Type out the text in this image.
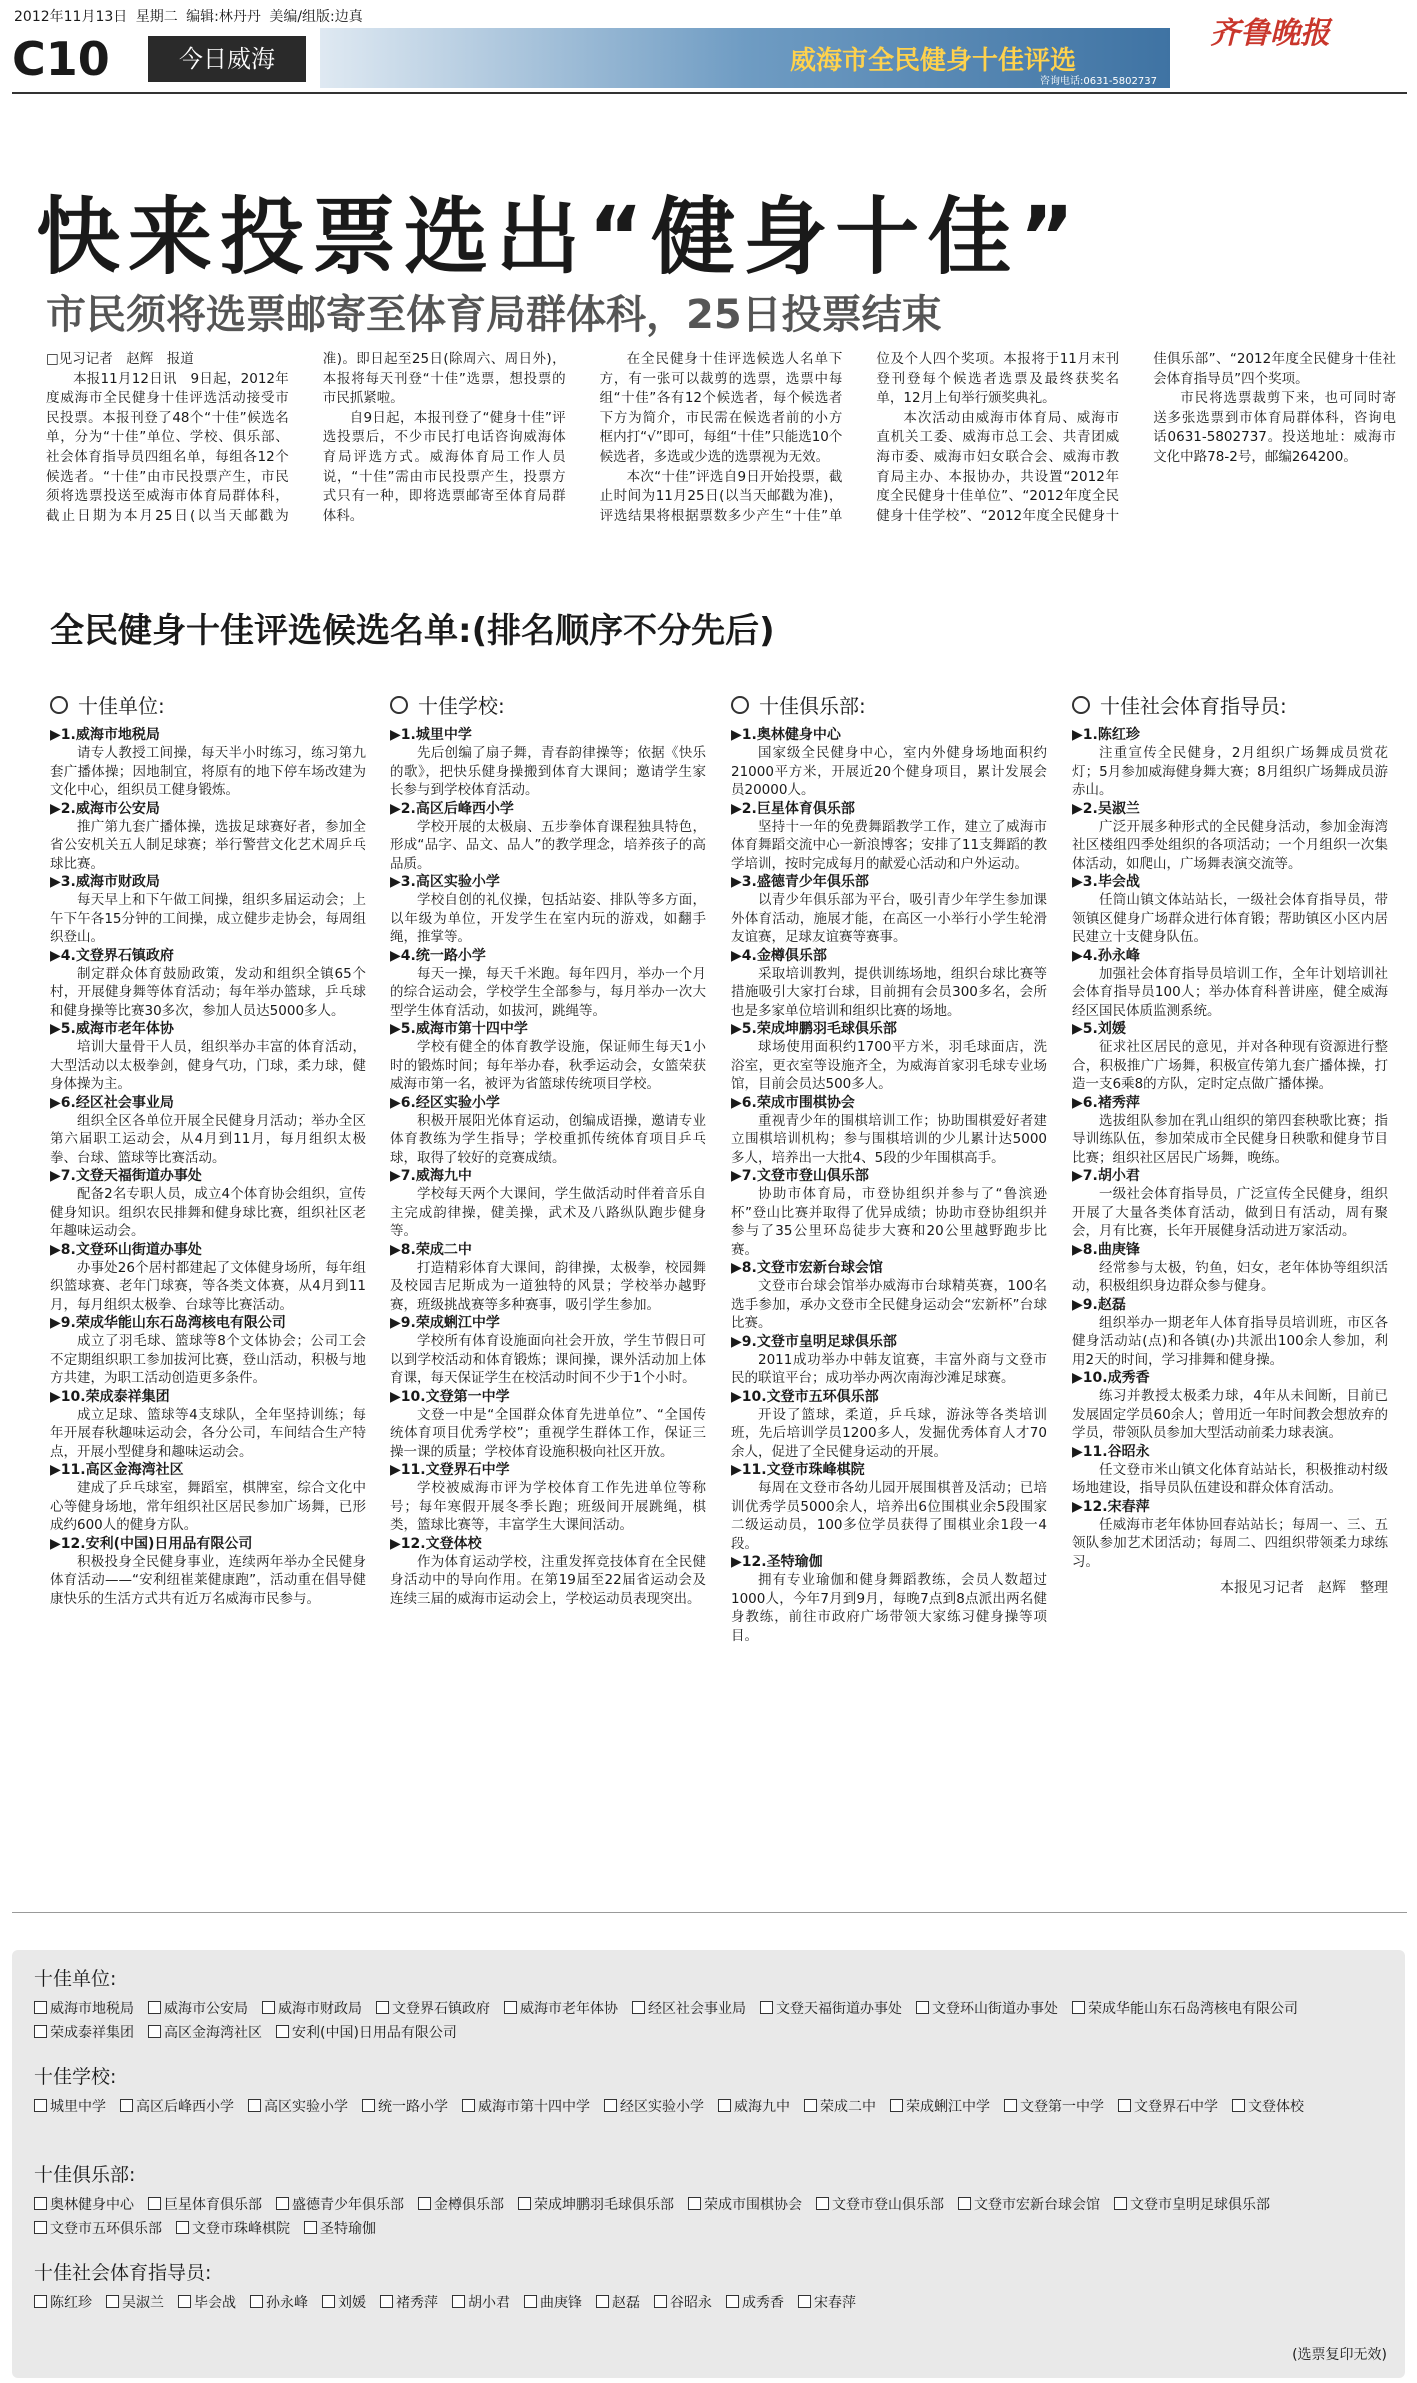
2012年11月13日 星期二 编辑:林丹丹 美编/组版:边真
C10	今日威海	威海市全民健身十佳评选
咨询电话:0631-5802737
齐鲁晚报
快来投票选出“健身十佳”
市民须将选票邮寄至体育局群体科，25日投票结束

□见习记者　赵辉　报道

本报11月12日讯　9日起，2012年度威海市全民健身十佳评选活动接受市民投票。本报刊登了48个“十佳”候选名单，分为“十佳”单位、学校、俱乐部、社会体育指导员四组名单，每组各12个候选者。“十佳”由市民投票产生，市民须将选票投送至威海市体育局群体科，截止日期为本月25日(以当天邮戳为准)。即日起至25日(除周六、周日外)，本报将每天刊登“十佳”选票，想投票的市民抓紧啦。

自9日起，本报刊登了“健身十佳”评选投票后，不少市民打电话咨询威海体育局评选方式。威海体育局工作人员说，“十佳”需由市民投票产生，投票方式只有一种，即将选票邮寄至体育局群体科。

在全民健身十佳评选候选人名单下方，有一张可以裁剪的选票，选票中每组“十佳”各有12个候选者，每个候选者下方为简介，市民需在候选者前的小方框内打“√”即可，每组“十佳”只能选10个候选者，多选或少选的选票视为无效。

本次“十佳”评选自9日开始投票，截止时间为11月25日(以当天邮戳为准)，评选结果将根据票数多少产生“十佳”单位及个人四个奖项。本报将于11月末刊登刊登每个候选者选票及最终获奖名单，12月上旬举行颁奖典礼。

本次活动由威海市体育局、威海市直机关工委、威海市总工会、共青团威海市委、威海市妇女联合会、威海市教育局主办、本报协办，共设置“2012年度全民健身十佳单位”、“2012年度全民健身十佳学校”、“2012年度全民健身十佳俱乐部”、“2012年度全民健身十佳社会体育指导员”四个奖项。

市民将选票裁剪下来，也可同时寄送多张选票到市体育局群体科，咨询电话0631-5802737。投送地址：威海市文化中路78-2号，邮编264200。

全民健身十佳评选候选名单:(排名顺序不分先后)
十佳单位:
▶1.威海市地税局

请专人教授工间操，每天半小时练习，练习第九套广播体操；因地制宜，将原有的地下停车场改建为文化中心，组织员工健身锻炼。

▶2.威海市公安局

推广第九套广播体操，选拔足球赛好者，参加全省公安机关五人制足球赛；举行警营文化艺术周乒乓球比赛。

▶3.威海市财政局

每天早上和下午做工间操，组织多届运动会；上午下午各15分钟的工间操，成立健步走协会，每周组织登山。

▶4.文登界石镇政府

制定群众体育鼓励政策，发动和组织全镇65个村，开展健身舞等体育活动；每年举办篮球，乒乓球和健身操等比赛30多次，参加人员达5000多人。

▶5.威海市老年体协

培训大量骨干人员，组织举办丰富的体育活动，大型活动以太极拳剑，健身气功，门球，柔力球，健身体操为主。

▶6.经区社会事业局

组织全区各单位开展全民健身月活动；举办全区第六届职工运动会，从4月到11月，每月组织太极拳、台球、篮球等比赛活动。

▶7.文登天福街道办事处

配备2名专职人员，成立4个体育协会组织，宣传健身知识。组织农民排舞和健身球比赛，组织社区老年趣味运动会。

▶8.文登环山街道办事处

办事处26个居村都建起了文体健身场所，每年组织篮球赛、老年门球赛，等各类文体赛，从4月到11月，每月组织太极拳、台球等比赛活动。

▶9.荣成华能山东石岛湾核电有限公司

成立了羽毛球、篮球等8个文体协会；公司工会不定期组织职工参加拔河比赛，登山活动，积极与地方共建，为职工活动创造更多条件。

▶10.荣成泰祥集团

成立足球、篮球等4支球队，全年坚持训练；每年开展春秋趣味运动会，各分公司，车间结合生产特点，开展小型健身和趣味运动会。

▶11.高区金海湾社区

建成了乒乓球室，舞蹈室，棋牌室，综合文化中心等健身场地，常年组织社区居民参加广场舞，已形成约600人的健身方队。

▶12.安利(中国)日用品有限公司

积极投身全民健身事业，连续两年举办全民健身体育活动——“安利纽崔莱健康跑”，活动重在倡导健康快乐的生活方式共有近万名威海市民参与。

十佳学校:
▶1.城里中学

先后创编了扇子舞，青春韵律操等；依据《快乐的歌》，把快乐健身操搬到体育大课间；邀请学生家长参与到学校体育活动。

▶2.高区后峰西小学

学校开展的太极扇、五步拳体育课程独具特色，形成“品字、品文、品人”的教学理念，培养孩子的高品质。

▶3.高区实验小学

学校自创的礼仪操，包括站姿、排队等多方面，以年级为单位，开发学生在室内玩的游戏，如翻手绳，推掌等。

▶4.统一路小学

每天一操，每天千米跑。每年四月，举办一个月的综合运动会，学校学生全部参与，每月举办一次大型学生体育活动，如拔河，跳绳等。

▶5.威海市第十四中学

学校有健全的体育教学设施，保证师生每天1小时的锻炼时间；每年举办春，秋季运动会，女篮荣获威海市第一名，被评为省篮球传统项目学校。

▶6.经区实验小学

积极开展阳光体育运动，创编成语操，邀请专业体育教练为学生指导；学校重抓传统体育项目乒乓球，取得了较好的竞赛成绩。

▶7.威海九中

学校每天两个大课间，学生做活动时伴着音乐自主完成韵律操，健美操，武术及八路纵队跑步健身等。

▶8.荣成二中

打造精彩体育大课间，韵律操，太极拳，校园舞及校园吉尼斯成为一道独特的风景；学校举办越野赛，班级挑战赛等多种赛事，吸引学生参加。

▶9.荣成蜊江中学

学校所有体育设施面向社会开放，学生节假日可以到学校活动和体育锻炼；课间操，课外活动加上体育课，每天保证学生在校活动时间不少于1个小时。

▶10.文登第一中学

文登一中是“全国群众体育先进单位”、“全国传统体育项目优秀学校”；重视学生群体工作，保证三操一课的质量；学校体育设施积极向社区开放。

▶11.文登界石中学

学校被威海市评为学校体育工作先进单位等称号；每年寒假开展冬季长跑；班级间开展跳绳，棋类，篮球比赛等，丰富学生大课间活动。

▶12.文登体校

作为体育运动学校，注重发挥竞技体育在全民健身活动中的导向作用。在第19届至22届省运动会及连续三届的威海市运动会上，学校运动员表现突出。

十佳俱乐部:
▶1.奥林健身中心

国家级全民健身中心，室内外健身场地面积约21000平方米，开展近20个健身项目，累计发展会员20000人。

▶2.巨星体育俱乐部

坚持十一年的免费舞蹈教学工作，建立了威海市体育舞蹈交流中心一新浪博客；安排了11支舞蹈的教学培训，按时完成每月的献爱心活动和户外运动。

▶3.盛德青少年俱乐部

以青少年俱乐部为平台，吸引青少年学生参加课外体育活动，施展才能，在高区一小举行小学生轮滑友谊赛，足球友谊赛等赛事。

▶4.金樽俱乐部

采取培训教判，提供训练场地，组织台球比赛等措施吸引大家打台球，目前拥有会员300多名，会所也是多家单位培训和组织比赛的场地。

▶5.荣成坤鹏羽毛球俱乐部

球场使用面积约1700平方米，羽毛球面店，洗浴室，更衣室等设施齐全，为威海首家羽毛球专业场馆，目前会员达500多人。

▶6.荣成市围棋协会

重视青少年的围棋培训工作；协助围棋爱好者建立围棋培训机构；参与围棋培训的少儿累计达5000多人，培养出一大批4、5段的少年围棋高手。

▶7.文登市登山俱乐部

协助市体育局，市登协组织并参与了“鲁滨逊杯”登山比赛并取得了优异成绩；协助市登协组织并参与了35公里环岛徒步大赛和20公里越野跑步比赛。

▶8.文登市宏新台球会馆

文登市台球会馆举办威海市台球精英赛，100名选手参加，承办文登市全民健身运动会“宏新杯”台球比赛。

▶9.文登市皇明足球俱乐部

2011成功举办中韩友谊赛，丰富外商与文登市民的联谊平台；成功举办两次南海沙滩足球赛。

▶10.文登市五环俱乐部

开设了篮球，柔道，乒乓球，游泳等各类培训班，先后培训学员1200多人，发掘优秀体育人才70余人，促进了全民健身运动的开展。

▶11.文登市珠峰棋院

每周在文登市各幼儿园开展围棋普及活动；已培训优秀学员5000余人，培养出6位围棋业余5段围家二级运动员，100多位学员获得了围棋业余1段一4段。

▶12.圣特瑜伽

拥有专业瑜伽和健身舞蹈教练，会员人数超过1000人，今年7月到9月，每晚7点到8点派出两名健身教练，前往市政府广场带领大家练习健身操等项目。

十佳社会体育指导员:
▶1.陈红珍

注重宣传全民健身，2月组织广场舞成员赏花灯；5月参加威海健身舞大赛；8月组织广场舞成员游赤山。

▶2.吴淑兰

广泛开展多种形式的全民健身活动，参加金海湾社区楼组四季处组织的各项活动；一个月组织一次集体活动，如爬山，广场舞表演交流等。

▶3.毕会战

任筒山镇文体站站长，一级社会体育指导员，带领镇区健身广场群众进行体育锻；帮助镇区小区内居民建立十支健身队伍。

▶4.孙永峰

加强社会体育指导员培训工作，全年计划培训社会体育指导员100人；举办体育科普讲座，健全威海经区国民体质监测系统。

▶5.刘媛

征求社区居民的意见，并对各种现有资源进行整合，积极推广广场舞，积极宣传第九套广播体操，打造一支6乘8的方队，定时定点做广播体操。

▶6.褚秀萍

选拔组队参加在乳山组织的第四套秧歌比赛；指导训练队伍，参加荣成市全民健身日秧歌和健身节目比赛；组织社区居民广场舞，晚练。

▶7.胡小君

一级社会体育指导员，广泛宣传全民健身，组织开展了大量各类体育活动，做到日有活动，周有聚会，月有比赛，长年开展健身活动进万家活动。

▶8.曲庚锋

经常参与太极，钓鱼，妇女，老年体协等组织活动，积极组织身边群众参与健身。

▶9.赵磊

组织举办一期老年人体育指导员培训班，市区各健身活动站(点)和各镇(办)共派出100余人参加，利用2天的时间，学习排舞和健身操。

▶10.成秀香

练习并教授太极柔力球，4年从未间断，目前已发展固定学员60余人；曾用近一年时间教会想放弃的学员，带领队员参加大型活动前柔力球表演。

▶11.谷昭永

任文登市米山镇文化体育站站长，积极推动村级场地建设，指导员队伍建设和群众体育活动。

▶12.宋春萍

任威海市老年体协回春站站长；每周一、三、五领队参加艺术团活动；每周二、四组织带领柔力球练习。

本报见习记者　赵辉　整理
(选票复印无效)
十佳单位:
威海市地税局 威海市公安局 威海市财政局 文登界石镇政府 威海市老年体协 经区社会事业局 文登天福街道办事处 文登环山街道办事处 荣成华能山东石岛湾核电有限公司荣成泰祥集团 高区金海湾社区 安利(中国)日用品有限公司
十佳学校:
城里中学 高区后峰西小学 高区实验小学 统一路小学 威海市第十四中学 经区实验小学 威海九中 荣成二中 荣成蜊江中学 文登第一中学 文登界石中学 文登体校
十佳俱乐部:
奥林健身中心 巨星体育俱乐部 盛德青少年俱乐部 金樽俱乐部 荣成坤鹏羽毛球俱乐部 荣成市围棋协会 文登市登山俱乐部 文登市宏新台球会馆 文登市皇明足球俱乐部文登市五环俱乐部 文登市珠峰棋院 圣特瑜伽
十佳社会体育指导员:
陈红珍 吴淑兰 毕会战 孙永峰 刘媛 褚秀萍 胡小君 曲庚锋 赵磊 谷昭永 成秀香 宋春萍
